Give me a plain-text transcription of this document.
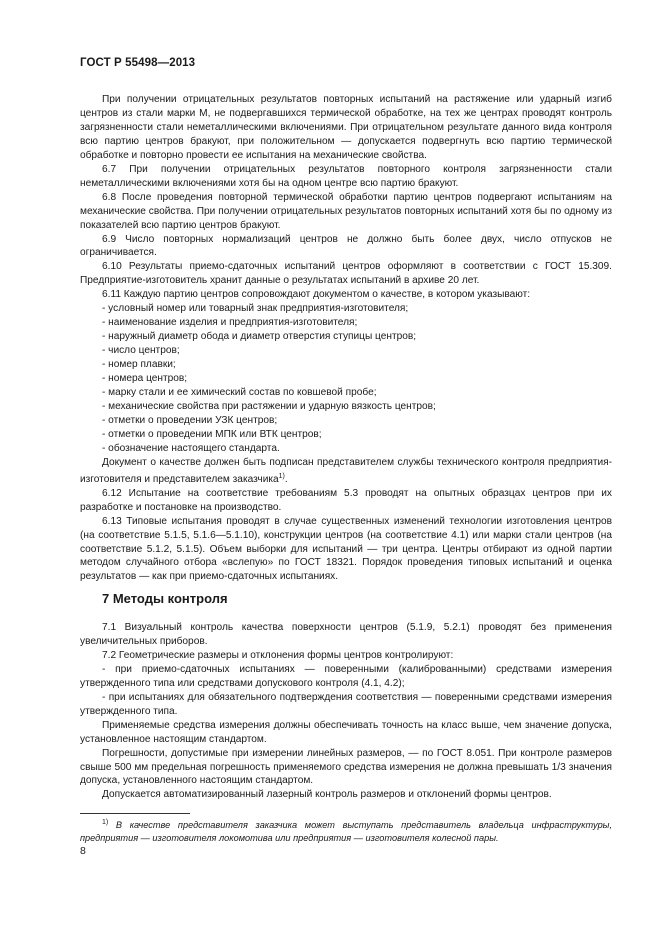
ГОСТ Р 55498—2013

При получении отрицательных результатов повторных испытаний на растяжение или ударный изгиб центров из стали марки М, не подвергавшихся термической обработке, на тех же центрах проводят контроль загрязненности стали неметаллическими включениями. При отрицательном результате данного вида контроля всю партию центров бракуют, при положительном — допускается подвергнуть всю партию термической обработке и повторно провести ее испытания на механические свойства.

6.7 При получении отрицательных результатов повторного контроля загрязненности стали неметаллическими включениями хотя бы на одном центре всю партию бракуют.

6.8 После проведения повторной термической обработки партию центров подвергают испытаниям на механические свойства. При получении отрицательных результатов повторных испытаний хотя бы по одному из показателей всю партию центров бракуют.

6.9 Число повторных нормализаций центров не должно быть более двух, число отпусков не ограничивается.

6.10 Результаты приемо-сдаточных испытаний центров оформляют в соответствии с ГОСТ 15.309. Предприятие-изготовитель хранит данные о результатах испытаний в архиве 20 лет.

6.11 Каждую партию центров сопровождают документом о качестве, в котором указывают:

- условный номер или товарный знак предприятия-изготовителя;

- наименование изделия и предприятия-изготовителя;

- наружный диаметр обода и диаметр отверстия ступицы центров;

- число центров;

- номер плавки;

- номера центров;

- марку стали и ее химический состав по ковшевой пробе;

- механические свойства при растяжении и ударную вязкость центров;

- отметки о проведении УЗК центров;

- отметки о проведении МПК или ВТК центров;

- обозначение настоящего стандарта.

Документ о качестве должен быть подписан представителем службы технического контроля предприятия-изготовителя и представителем заказчика$^{1)}$.

6.12 Испытание на соответствие требованиям 5.3 проводят на опытных образцах центров при их разработке и постановке на производство.

6.13 Типовые испытания проводят в случае существенных изменений технологии изготовления центров (на соответствие 5.1.5, 5.1.6—5.1.10), конструкции центров (на соответствие 4.1) или марки стали центров (на соответствие 5.1.2, 5.1.5). Объем выборки для испытаний — три центра. Центры отбирают из одной партии методом случайного отбора «вслепую» по ГОСТ 18321. Порядок проведения типовых испытаний и оценка результатов — как при приемо-сдаточных испытаниях.

7 Методы контроля

7.1 Визуальный контроль качества поверхности центров (5.1.9, 5.2.1) проводят без применения увеличительных приборов.

7.2 Геометрические размеры и отклонения формы центров контролируют:

- при приемо-сдаточных испытаниях — поверенными (калиброванными) средствами измерения утвержденного типа или средствами допускового контроля (4.1, 4.2);

- при испытаниях для обязательного подтверждения соответствия — поверенными средствами измерения утвержденного типа.

Применяемые средства измерения должны обеспечивать точность на класс выше, чем значение допуска, установленное настоящим стандартом.

Погрешности, допустимые при измерении линейных размеров, — по ГОСТ 8.051. При контроле размеров свыше 500 мм предельная погрешность применяемого средства измерения не должна превышать 1/3 значения допуска, установленного настоящим стандартом.

Допускается автоматизированный лазерный контроль размеров и отклонений формы центров.

$^{1)}$ В качестве представителя заказчика может выступать представитель владельца инфраструктуры, предприятия — изготовителя локомотива или предприятия — изготовителя колесной пары.

8
